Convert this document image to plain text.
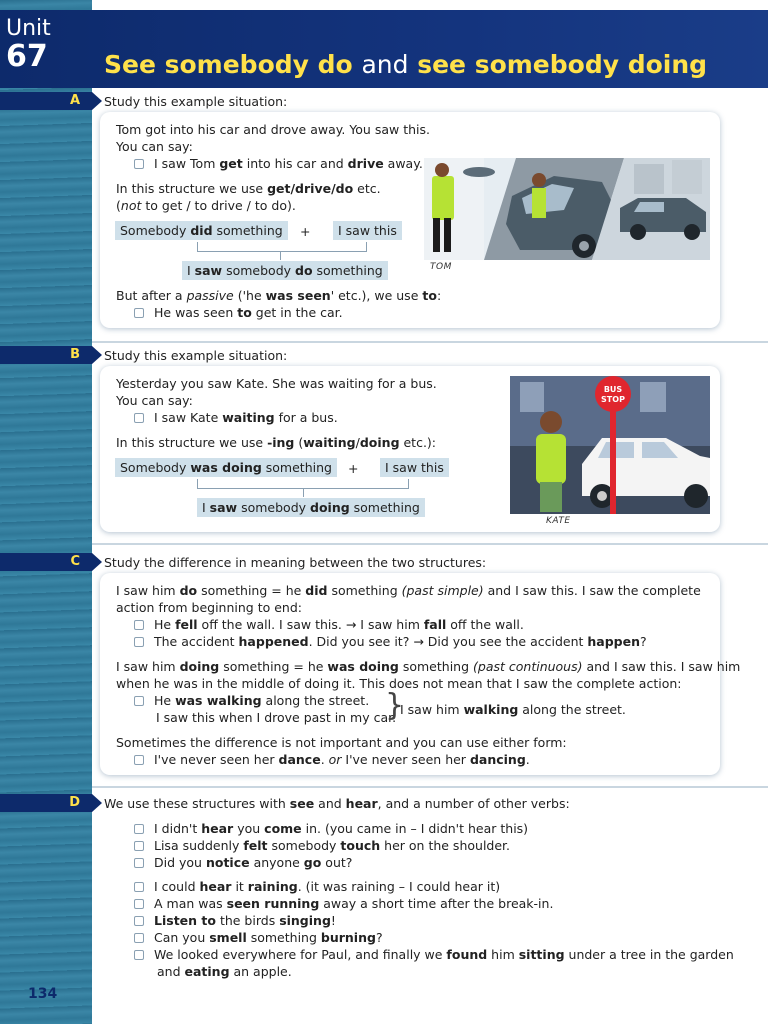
Unit
67 See somebody do and see somebody doing
A	Study this example situation:
Tom got into his car and drove away. You saw this.
You can say:
I saw Tom get into his car and drive away.
In this structure we use get/drive/do etc.
(not to get / to drive / to do).
Somebody did something	+	I saw this
I saw somebody do something
But after a passive ('he was seen' etc.), we use to:
He was seen to get in the car.
TOM
B	Study this example situation:
Yesterday you saw Kate. She was waiting for a bus.
You can say:
I saw Kate waiting for a bus.
In this structure we use -ing (waiting/doing etc.):
Somebody was doing something	+	I saw this
I saw somebody doing something
BUS
STOP
KATE
C	Study the difference in meaning between the two structures:
I saw him do something = he did something (past simple) and I saw this. I saw the complete
action from beginning to end:
He fell off the wall. I saw this. → I saw him fall off the wall.
The accident happened. Did you see it? → Did you see the accident happen?
I saw him doing something = he was doing something (past continuous) and I saw this. I saw him
when he was in the middle of doing it. This does not mean that I saw the complete action:
He was walking along the street.
I saw this when I drove past in my car.
}
I saw him walking along the street.
Sometimes the difference is not important and you can use either form:
I've never seen her dance. or I've never seen her dancing.
D	We use these structures with see and hear, and a number of other verbs:
I didn't hear you come in. (you came in – I didn't hear this)
Lisa suddenly felt somebody touch her on the shoulder.
Did you notice anyone go out?
I could hear it raining. (it was raining – I could hear it)
A man was seen running away a short time after the break-in.
Listen to the birds singing!
Can you smell something burning?
We looked everywhere for Paul, and finally we found him sitting under a tree in the garden
and eating an apple.
134
